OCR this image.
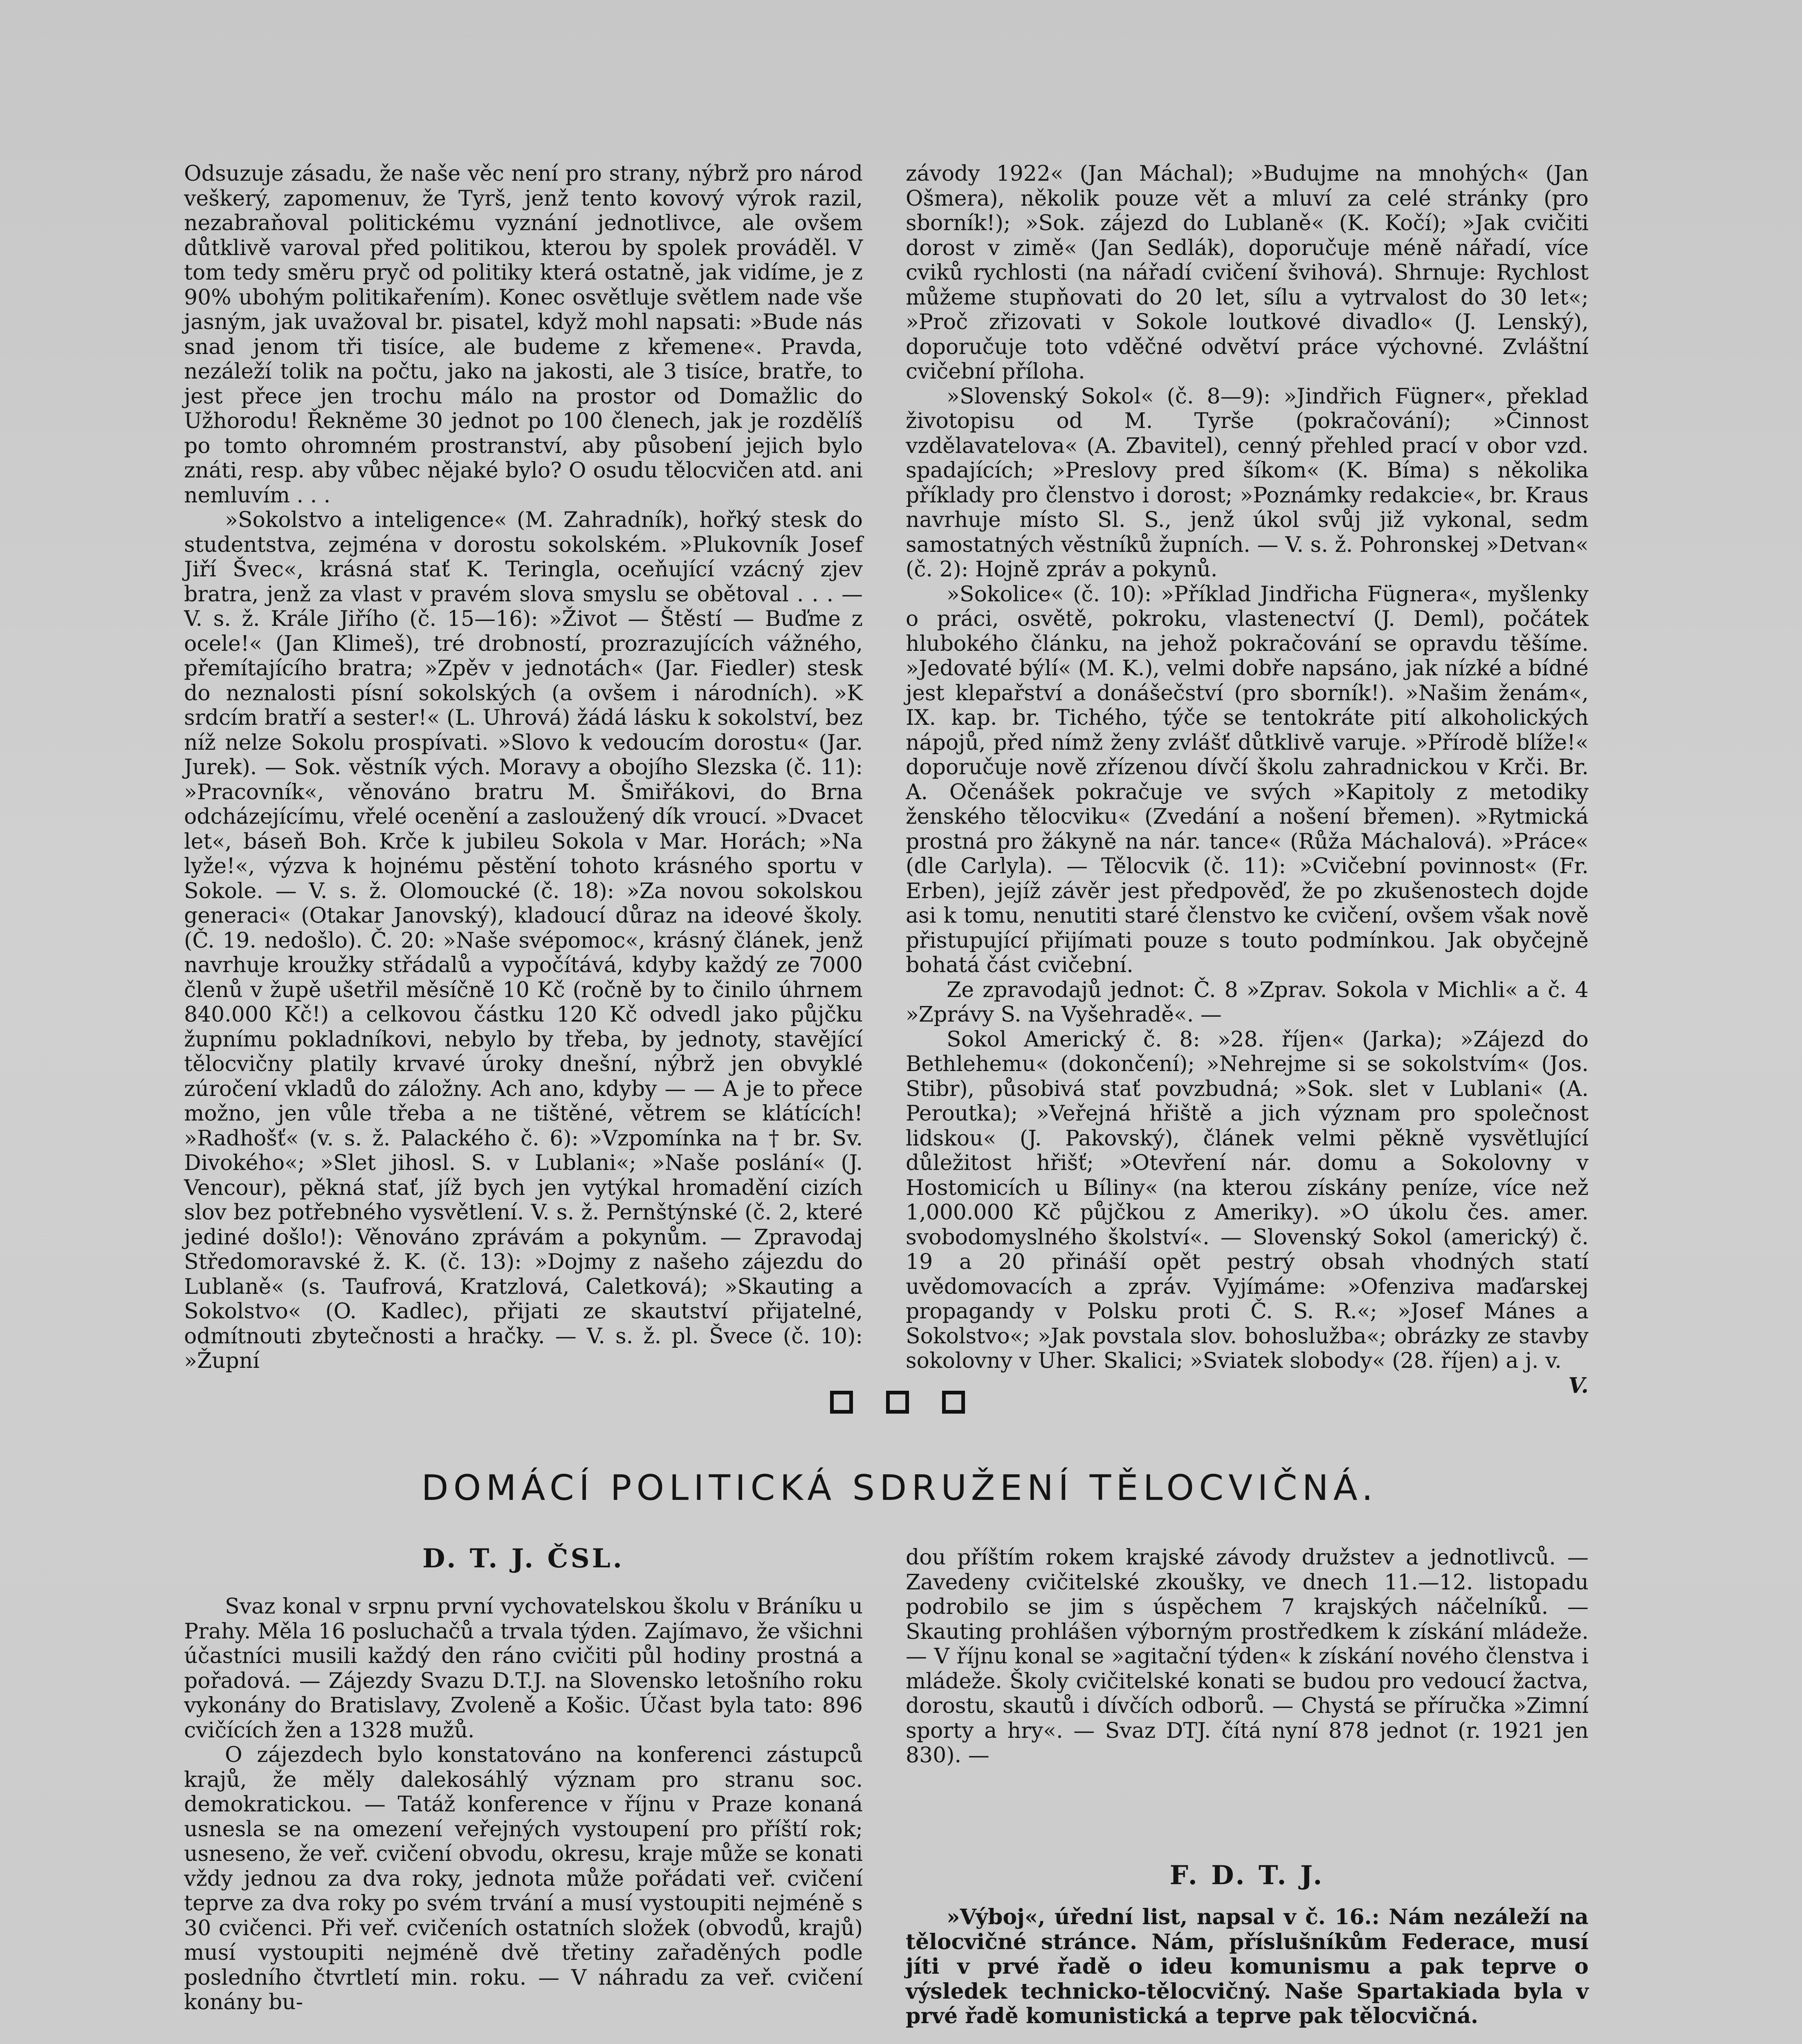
Odsuzuje zásadu, že naše věc není pro strany, nýbrž pro národ veškerý, zapomenuv, že Tyrš, jenž tento kovový výrok razil, nezabraňoval politickému vyznání jednotlivce, ale ovšem důtklivě varoval před politikou, kterou by spolek prováděl. V tom tedy směru pryč od politiky která ostatně, jak vidíme, je z 90% ubohým politikařením). Konec osvětluje světlem nade vše jasným, jak uvažoval br. pisatel, když mohl napsati: »Bude nás snad jenom tři tisíce, ale budeme z křemene«. Pravda, nezáleží tolik na počtu, jako na jakosti, ale 3 tisíce, bratře, to jest přece jen trochu málo na prostor od Domažlic do Užhorodu! Řekněme 30 jednot po 100 členech, jak je rozdělíš po tomto ohromném prostranství, aby působení jejich bylo znáti, resp. aby vůbec nějaké bylo? O osudu tělocvičen atd. ani nemluvím . . .

»Sokolstvo a inteligence« (M. Zahradník), hořký stesk do studentstva, zejména v dorostu sokolském. »Plukovník Josef Jiří Švec«, krásná stať K. Teringla, oceňující vzácný zjev bratra, jenž za vlast v pravém slova smyslu se obětoval . . . — V. s. ž. Krále Jiřího (č. 15—16): »Život — Štěstí — Buďme z ocele!« (Jan Klimeš), tré drobností, prozrazujících vážného, přemítajícího bratra; »Zpěv v jednotách« (Jar. Fiedler) stesk do neznalosti písní sokolských (a ovšem i národních). »K srdcím bratří a sester!« (L. Uhrová) žádá lásku k sokolství, bez níž nelze Sokolu prospívati. »Slovo k vedoucím dorostu« (Jar. Jurek). — Sok. věstník vých. Moravy a obojího Slezska (č. 11): »Pracovník«, věnováno bratru M. Šmiřákovi, do Brna odcházejícímu, vřelé ocenění a zasloužený dík vroucí. »Dvacet let«, báseň Boh. Krče k jubileu Sokola v Mar. Horách; »Na lyže!«, výzva k hojnému pěstění tohoto krásného sportu v Sokole. — V. s. ž. Olomoucké (č. 18): »Za novou sokolskou generaci« (Otakar Janovský), kladoucí důraz na ideové školy. (Č. 19. nedošlo). Č. 20: »Naše svépomoc«, krásný článek, jenž navrhuje kroužky střádalů a vypočítává, kdyby každý ze 7000 členů v župě ušetřil měsíčně 10 Kč (ročně by to činilo úhrnem 840.000 Kč!) a celkovou částku 120 Kč odvedl jako půjčku župnímu pokladníkovi, nebylo by třeba, by jednoty, stavějící tělocvičny platily krvavé úroky dnešní, nýbrž jen obvyklé zúročení vkladů do záložny. Ach ano, kdyby — — A je to přece možno, jen vůle třeba a ne tištěné, větrem se klátících! »Radhošť« (v. s. ž. Palackého č. 6): »Vzpomínka na † br. Sv. Divokého«; »Slet jihosl. S. v Lublani«; »Naše poslání« (J. Vencour), pěkná stať, jíž bych jen vytýkal hromadění cizích slov bez potřebného vysvětlení. V. s. ž. Pernštýnské (č. 2, které jediné došlo!): Věnováno zprávám a pokynům. — Zpravodaj Středomoravské ž. K. (č. 13): »Dojmy z našeho zájezdu do Lublaně« (s. Taufrová, Kratzlová, Caletková); »Skauting a Sokolstvo« (O. Kadlec), přijati ze skautství přijatelné, odmítnouti zbytečnosti a hračky. — V. s. ž. pl. Švece (č. 10): »Župní

závody 1922« (Jan Máchal); »Budujme na mnohých« (Jan Ošmera), několik pouze vět a mluví za celé stránky (pro sborník!); »Sok. zájezd do Lublaně« (K. Kočí); »Jak cvičiti dorost v zimě« (Jan Sedlák), doporučuje méně nářadí, více cviků rychlosti (na nářadí cvičení švihová). Shrnuje: Rychlost můžeme stupňovati do 20 let, sílu a vytrvalost do 30 let«; »Proč zřizovati v Sokole loutkové divadlo« (J. Lenský), doporučuje toto vděčné odvětví práce výchovné. Zvláštní cvičební příloha.

»Slovenský Sokol« (č. 8—9): »Jindřich Fügner«, překlad životopisu od M. Tyrše (pokračování); »Činnost vzdělavatelova« (A. Zbavitel), cenný přehled prací v obor vzd. spadajících; »Preslovy pred šíkom« (K. Bíma) s několika příklady pro členstvo i dorost; »Poznámky redakcie«, br. Kraus navrhuje místo Sl. S., jenž úkol svůj již vykonal, sedm samostatných věstníků župních. — V. s. ž. Pohronskej »Detvan« (č. 2): Hojně zpráv a pokynů.

»Sokolice« (č. 10): »Příklad Jindřicha Fügnera«, myšlenky o práci, osvětě, pokroku, vlastenectví (J. Deml), počátek hlubokého článku, na jehož pokračování se opravdu těšíme. »Jedovaté býlí« (M. K.), velmi dobře napsáno, jak nízké a bídné jest klepařství a donášečství (pro sborník!). »Našim ženám«, IX. kap. br. Tichého, týče se tentokráte pití alkoholických nápojů, před nímž ženy zvlášť důtklivě varuje. »Přírodě blíže!« doporučuje nově zřízenou dívčí školu zahradnickou v Krči. Br. A. Očenášek pokračuje ve svých »Kapitoly z metodiky ženského tělocviku« (Zvedání a nošení břemen). »Rytmická prostná pro žákyně na nár. tance« (Růža Máchalová). »Práce« (dle Carlyla). — Tělocvik (č. 11): »Cvičební povinnost« (Fr. Erben), jejíž závěr jest předpověď, že po zkušenostech dojde asi k tomu, nenutiti staré členstvo ke cvičení, ovšem však nově přistupující přijímati pouze s touto podmínkou. Jak obyčejně bohatá část cvičební.

Ze zpravodajů jednot: Č. 8 »Zprav. Sokola v Michli« a č. 4 »Zprávy S. na Vyšehradě«. —

Sokol Americký č. 8: »28. říjen« (Jarka); »Zájezd do Bethlehemu« (dokončení); »Nehrejme si se sokolstvím« (Jos. Stibr), působivá stať povzbudná; »Sok. slet v Lublani« (A. Peroutka); »Veřejná hřiště a jich význam pro společnost lidskou« (J. Pakovský), článek velmi pěkně vysvětlující důležitost hřišť; »Otevření nár. domu a Sokolovny v Hostomicích u Bíliny« (na kterou získány peníze, více než 1,000.000 Kč půjčkou z Ameriky). »O úkolu čes. amer. svobodomyslného školství«. — Slovenský Sokol (americký) č. 19 a 20 přináší opět pestrý obsah vhodných statí uvědomovacích a zpráv. Vyjímáme: »Ofenziva maďarskej propagandy v Polsku proti Č. S. R.«; »Josef Mánes a Sokolstvo«; »Jak povstala slov. bohoslužba«; obrázky ze stavby sokolovny v Uher. Skalici; »Sviatek slobody« (28. říjen) a j. v.

V.

DOMÁCÍ POLITICKÁ SDRUŽENÍ TĚLOCVIČNÁ.
D. T. J. ČSL.

Svaz konal v srpnu první vychovatelskou školu v Bráníku u Prahy. Měla 16 posluchačů a trvala týden. Zajímavo, že všichni účastníci musili každý den ráno cvičiti půl hodiny prostná a pořadová. — Zájezdy Svazu D.T.J. na Slovensko letošního roku vykonány do Bratislavy, Zvoleně a Košic. Účast byla tato: 896 cvičících žen a 1328 mužů.

O zájezdech bylo konstatováno na konferenci zástupců krajů, že měly dalekosáhlý význam pro stranu soc. demokratickou. — Tatáž konference v říjnu v Praze konaná usnesla se na omezení veřejných vystoupení pro příští rok; usneseno, že veř. cvičení obvodu, okresu, kraje může se konati vždy jednou za dva roky, jednota může pořádati veř. cvičení teprve za dva roky po svém trvání a musí vystoupiti nejméně s 30 cvičenci. Při veř. cvičeních ostatních složek (obvodů, krajů) musí vystoupiti nejméně dvě třetiny zařaděných podle posledního čtvrtletí min. roku. — V náhradu za veř. cvičení konány bu-

dou příštím rokem krajské závody družstev a jednotlivců. — Zavedeny cvičitelské zkoušky, ve dnech 11.—12. listopadu podrobilo se jim s úspěchem 7 krajských náčelníků. — Skauting prohlášen výborným prostředkem k získání mládeže. — V říjnu konal se »agitační týden« k získání nového členstva i mládeže. Školy cvičitelské konati se budou pro vedoucí žactva, dorostu, skautů i dívčích odborů. — Chystá se příručka »Zimní sporty a hry«. — Svaz DTJ. čítá nyní 878 jednot (r. 1921 jen 830). —

F. D. T. J.

»Výboj«, úřední list, napsal v č. 16.: Nám nezáleží na tělocvičné stránce. Nám, příslušníkům Federace, musí jíti v prvé řadě o ideu komunismu a pak teprve o výsledek technicko-tělocvičný. Naše Spartakiada byla v prvé řadě komunistická a teprve pak tělocvičná.
